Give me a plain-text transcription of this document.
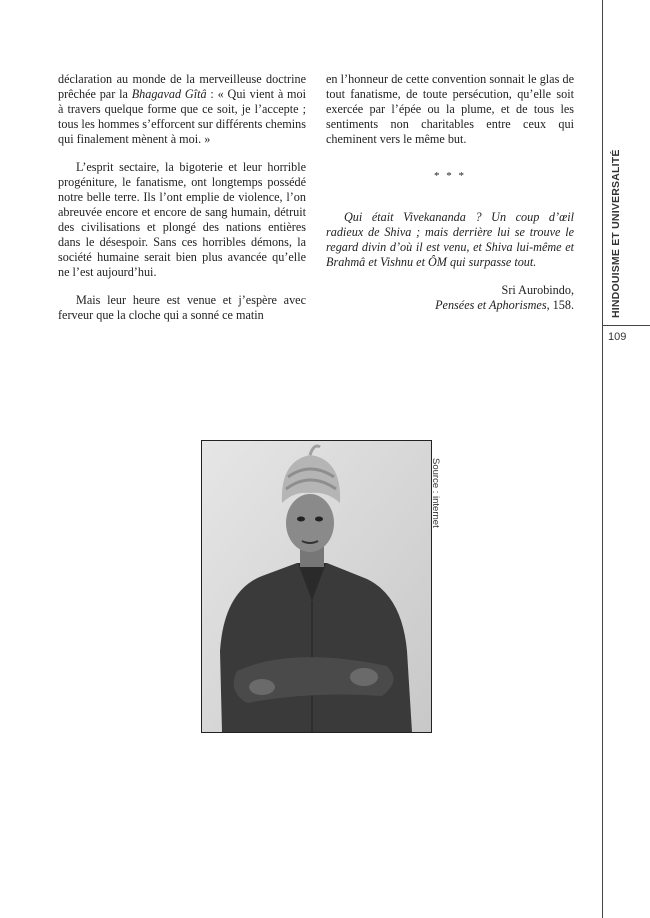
déclaration au monde de la merveilleuse doctrine prêchée par la Bhagavad Gîtâ : « Qui vient à moi à travers quelque forme que ce soit, je l’accepte ; tous les hommes s’efforcent sur différents chemins qui finalement mènent à moi. »

L’esprit sectaire, la bigoterie et leur horrible progéniture, le fanatisme, ont longtemps possédé notre belle terre. Ils l’ont emplie de violence, l’on abreuvée encore et encore de sang humain, détruit des civilisations et plongé des nations entières dans le désespoir. Sans ces horribles démons, la société humaine serait bien plus avancée qu’elle ne l’est aujourd’hui.

Mais leur heure est venue et j’espère avec ferveur que la cloche qui a sonné ce matin

en l’honneur de cette convention sonnait le glas de tout fanatisme, de toute persécution, qu’elle soit exercée par l’épée ou la plume, et de tous les sentiments non charitables entre ceux qui cheminent vers le même but.

* * *

Qui était Vivekananda ? Un coup d’œil radieux de Shiva ; mais derrière lui se trouve le regard divin d’où il est venu, et Shiva lui-même et Brahmâ et Vishnu et ÔM qui surpasse tout.

Sri Aurobindo,

Pensées et Aphorismes, 158.	HINDOUISME ET UNIVERSALITÉ
109
Source : internet
